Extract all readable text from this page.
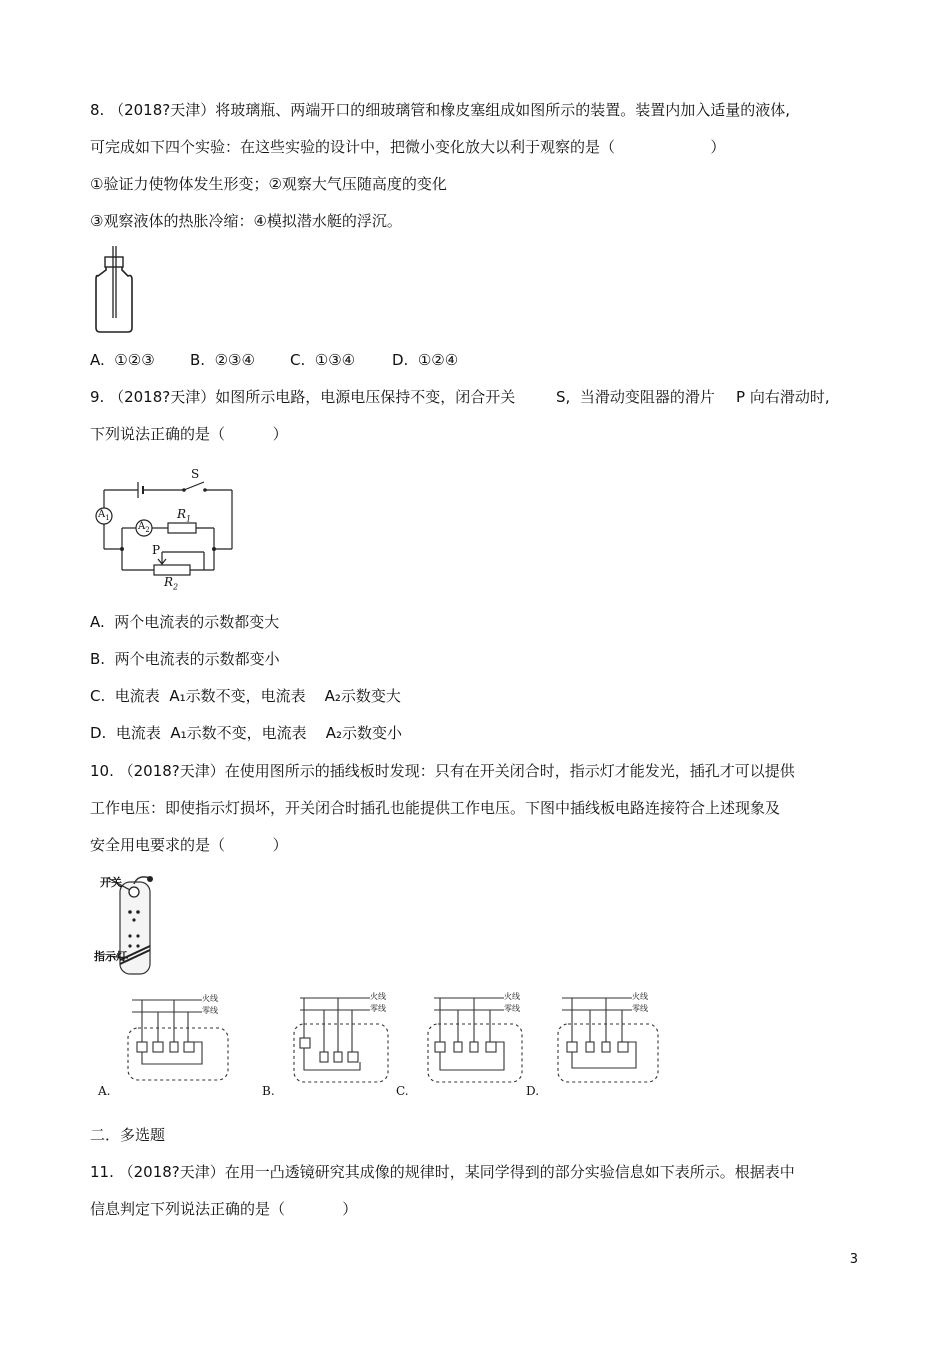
8. （2018?天津）将玻璃瓶、两端开口的细玻璃管和橡皮塞组成如图所示的装置。装置内加入适量的液体,
可完成如下四个实验：在这些实验的设计中，把微小变化放大以利于观察的是（                    ）
①验证力使物体发生形变；②观察大气压随高度的变化
③观察液体的热胀冷缩：④模拟潜水艇的浮沉。
A.  ①②③ B.  ②③④ C.  ①③④ D.  ①②④
9. （2018?天津）如图所示电路，电源电压保持不变，闭合开关	S,  当滑动变阻器的滑片 P 向右滑动时,
下列说法正确的是（          ）
S
$A_1$
$A_2$
$R_1$
P
$R_2$
A.  两个电流表的示数都变大
B.  两个电流表的示数都变小
C.  电流表  A₁示数不变，电流表    A₂示数变大
D.  电流表  A₁示数不变，电流表    A₂示数变小
10. （2018?天津）在使用图所示的插线板时发现：只有在开关闭合时，指示灯才能发光，插孔才可以提供
工作电压：即使指示灯损坏，开关闭合时插孔也能提供工作电压。下图中插线板电路连接符合上述现象及
安全用电要求的是（          ）
开关
指示灯
火线
零线
A.
火线
零线
B.
火线
零线
C.
火线
零线
D.
二．多选题
11. （2018?天津）在用一凸透镜研究其成像的规律时，某同学得到的部分实验信息如下表所示。根据表中
信息判定下列说法正确的是（            ）
3
